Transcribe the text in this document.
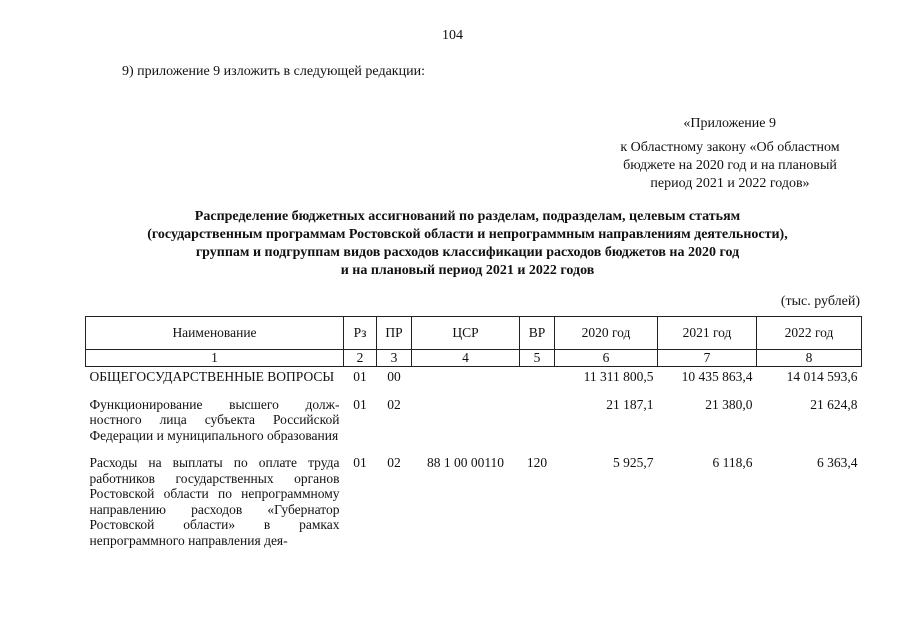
104
9) приложение 9 изложить в следующей редакции:
«Приложение 9
к Областному закону «Об областном
бюджете на 2020 год и на плановый
период 2021 и 2022 годов»
Распределение бюджетных ассигнований по разделам, подразделам, целевым статьям
(государственным программам Ростовской области и непрограммным направлениям деятельности),
группам и подгруппам видов расходов классификации расходов бюджетов на 2020 год
и на плановый период 2021 и 2022 годов
(тыс. рублей)
Наименование	Рз	ПР	ЦСР	ВР	2020 год	2021 год	2022 год
1	2	3	4	5	6	7	8
ОБЩЕГОСУДАРСТВЕННЫЕ ВОПРОСЫ	01	00			11 311 800,5	10 435 863,4	14 014 593,6

Функционирование высшего должностного лица субъекта Российской Федерации и муниципального образования	01	02			21 187,1	21 380,0	21 624,8

Расходы на выплаты по оплате труда работников государственных органов Ростовской области по непрограммному направлению расходов «Губернатор Ростовской области» в рамках непрограммного направления дея-	01	02	88 1 00 00110	120	5 925,7	6 118,6	6 363,4
